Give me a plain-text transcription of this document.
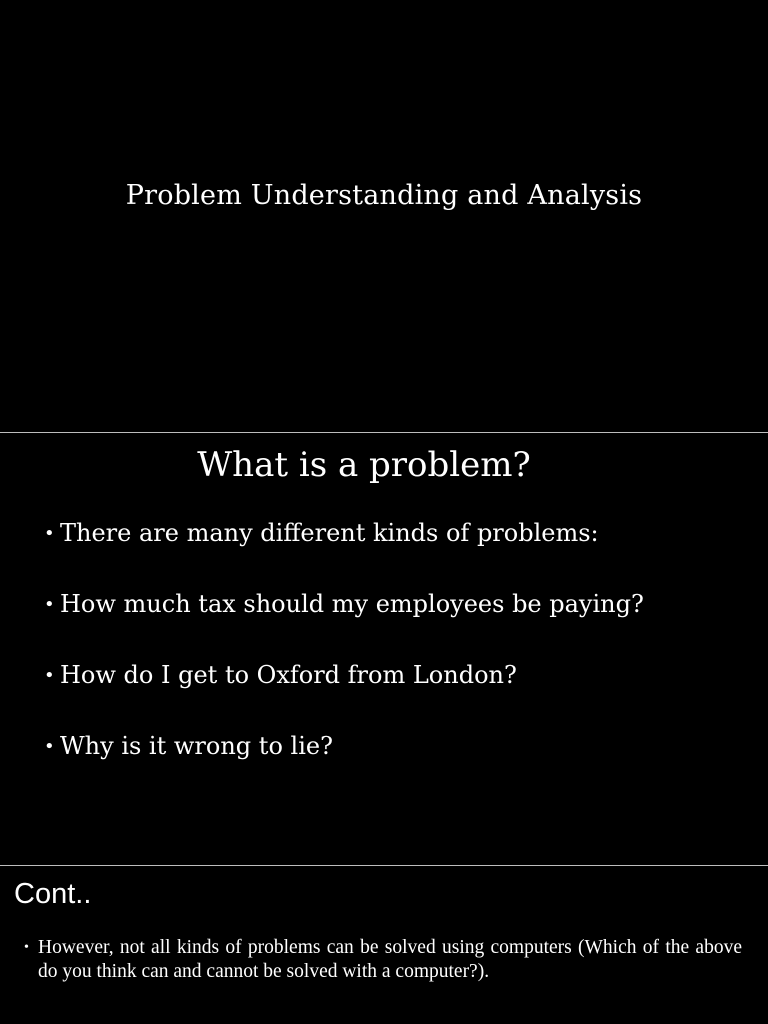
Problem Understanding and Analysis
What is a problem?
• There are many different kinds of problems:
• How much tax should my employees be paying?
• How do I get to Oxford from London?
• Why is it wrong to lie?
Cont..
• However, not all kinds of problems can be solved using computers (Which of the above do you think can and cannot be solved with a computer?).
